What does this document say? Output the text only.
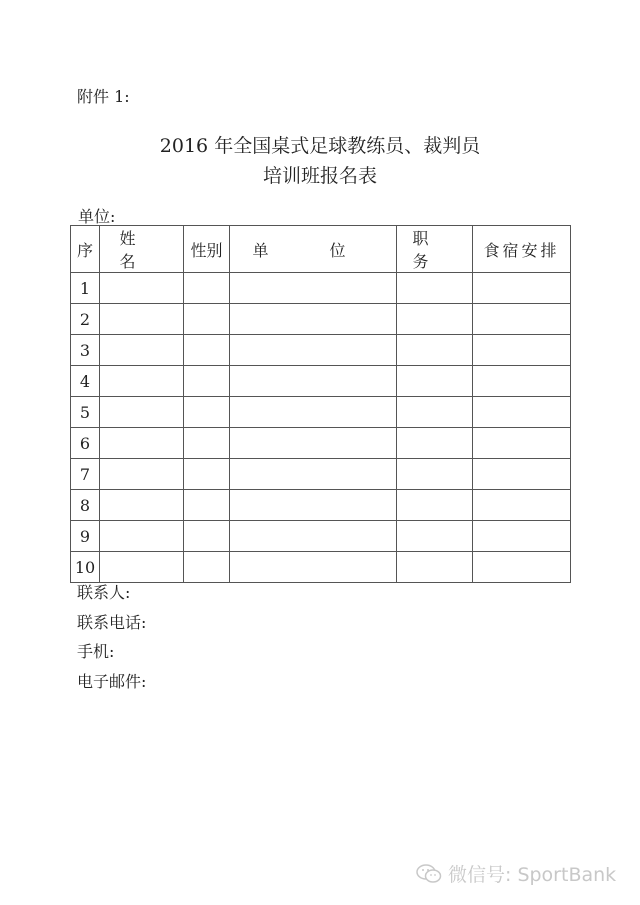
附件 1:
2016 年全国桌式足球教练员、裁判员
培训班报名表
单位:
序	姓 名	性别	单 位	职 务	食宿安排
1					
2					
3					
4					
5					
6					
7					
8					
9					
10					
联系人:
联系电话:
手机:
电子邮件:
微信号: SportBank
